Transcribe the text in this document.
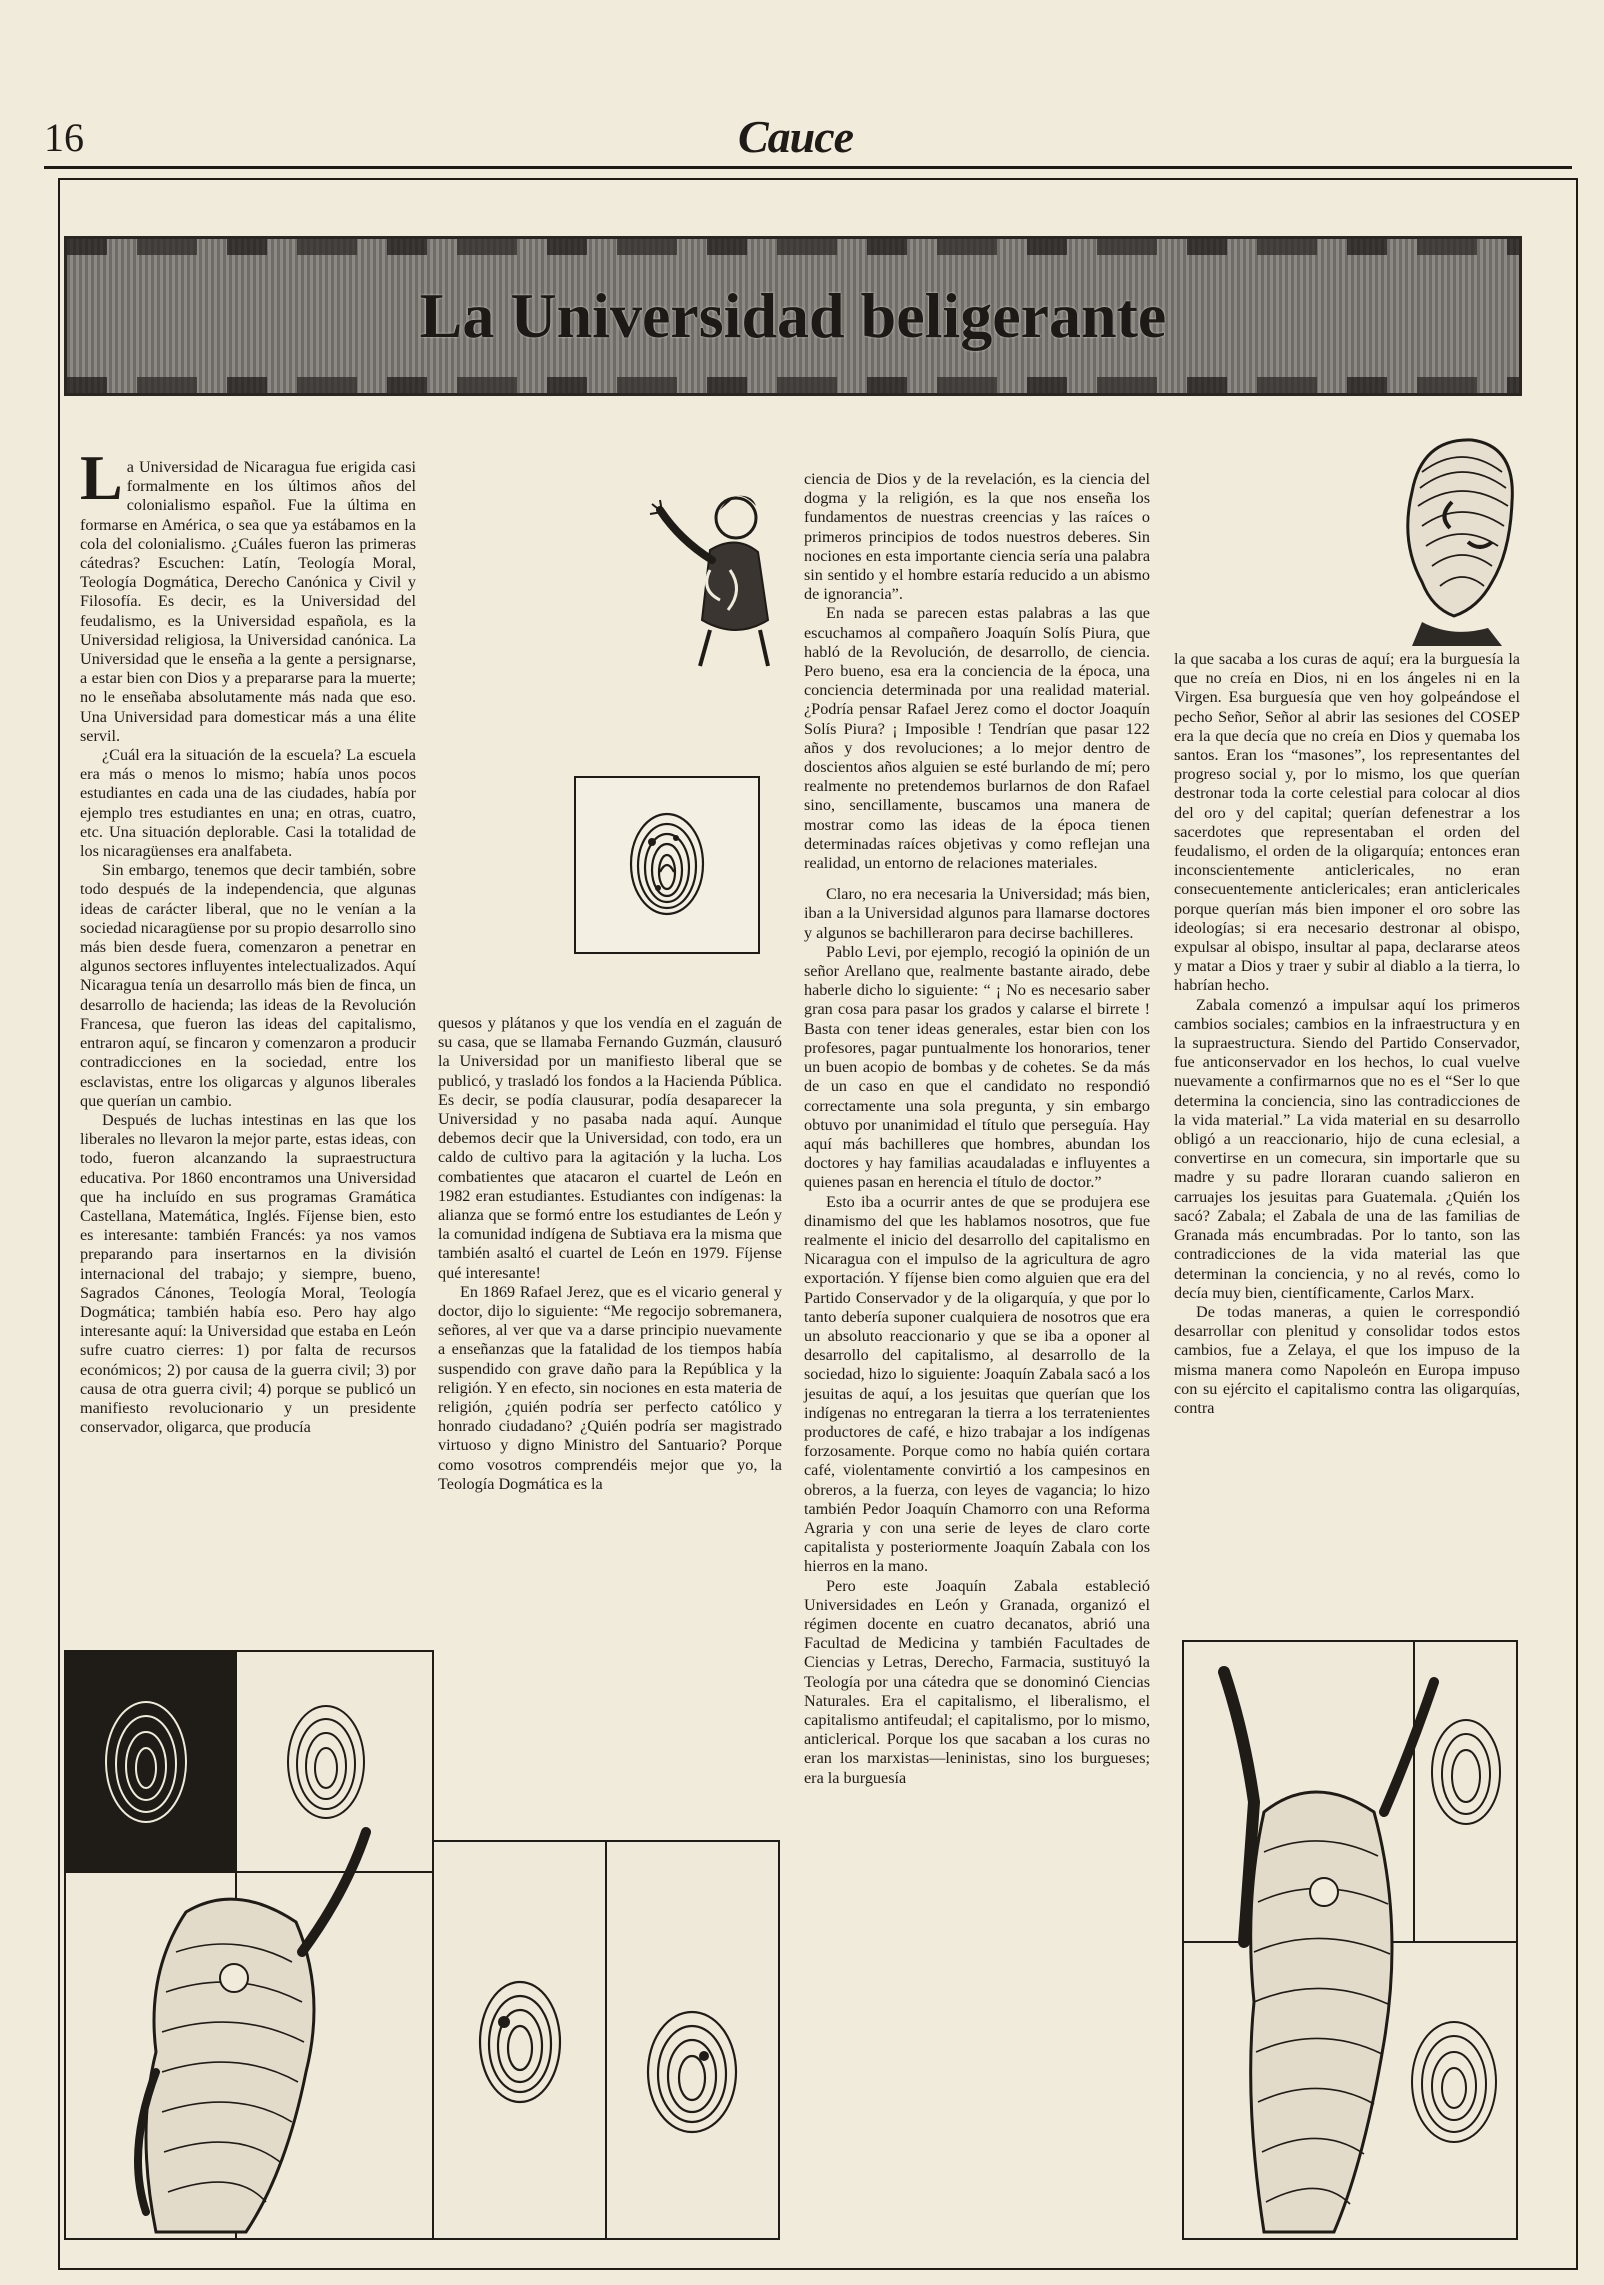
16	Cauce
La Universidad beligerante

La Universidad de Nicaragua fue erigida casi formalmente en los últimos años del colonialismo español. Fue la última en formarse en América, o sea que ya estábamos en la cola del colonialismo. ¿Cuáles fueron las primeras cátedras? Escuchen: Latín, Teología Moral, Teología Dogmática, Derecho Canónica y Civil y Filosofía. Es decir, es la Universidad del feudalismo, es la Universidad española, es la Universidad religiosa, la Universidad canónica. La Universidad que le enseña a la gente a persignarse, a estar bien con Dios y a prepararse para la muerte; no le enseñaba absolutamente más nada que eso. Una Universidad para domesticar más a una élite servil.

¿Cuál era la situación de la escuela? La escuela era más o menos lo mismo; había unos pocos estudiantes en cada una de las ciudades, había por ejemplo tres estudiantes en una; en otras, cuatro, etc. Una situación deplorable. Casi la totalidad de los nicaragüenses era analfabeta.

Sin embargo, tenemos que decir también, sobre todo después de la independencia, que algunas ideas de carácter liberal, que no le venían a la sociedad nicaragüense por su propio desarrollo sino más bien desde fuera, comenzaron a penetrar en algunos sectores influyentes intelectualizados. Aquí Nicaragua tenía un desarrollo más bien de finca, un desarrollo de hacienda; las ideas de la Revolución Francesa, que fueron las ideas del capitalismo, entraron aquí, se fincaron y comenzaron a producir contradicciones en la sociedad, entre los esclavistas, entre los oligarcas y algunos liberales que querían un cambio.

Después de luchas intestinas en las que los liberales no llevaron la mejor parte, estas ideas, con todo, fueron alcanzando la supraestructura educativa. Por 1860 encontramos una Universidad que ha incluído en sus programas Gramática Castellana, Matemática, Inglés. Fíjense bien, esto es interesante: también Francés: ya nos vamos preparando para insertarnos en la división internacional del trabajo; y siempre, bueno, Sagrados Cánones, Teología Moral, Teología Dogmática; también había eso. Pero hay algo interesante aquí: la Universidad que estaba en León sufre cuatro cierres: 1) por falta de recursos económicos; 2) por causa de la guerra civil; 3) por causa de otra guerra civil; 4) porque se publicó un manifiesto revolucionario y un presidente conservador, oligarca, que producía

quesos y plátanos y que los vendía en el zaguán de su casa, que se llamaba Fernando Guzmán, clausuró la Universidad por un manifiesto liberal que se publicó, y trasladó los fondos a la Hacienda Pública. Es decir, se podía clausurar, podía desaparecer la Universidad y no pasaba nada aquí. Aunque debemos decir que la Universidad, con todo, era un caldo de cultivo para la agitación y la lucha. Los combatientes que atacaron el cuartel de León en 1982 eran estudiantes. Estudiantes con indígenas: la alianza que se formó entre los estudiantes de León y la comunidad indígena de Subtiava era la misma que también asaltó el cuartel de León en 1979. Fíjense qué interesante!

En 1869 Rafael Jerez, que es el vicario general y doctor, dijo lo siguiente: “Me regocijo sobremanera, señores, al ver que va a darse principio nuevamente a enseñanzas que la fatalidad de los tiempos había suspendido con grave daño para la República y la religión. Y en efecto, sin nociones en esta materia de religión, ¿quién podría ser perfecto católico y honrado ciudadano? ¿Quién podría ser magistrado virtuoso y digno Ministro del Santuario? Porque como vosotros comprendéis mejor que yo, la Teología Dogmática es la

ciencia de Dios y de la revelación, es la ciencia del dogma y la religión, es la que nos enseña los fundamentos de nuestras creencias y las raíces o primeros principios de todos nuestros deberes. Sin nociones en esta importante ciencia sería una palabra sin sentido y el hombre estaría reducido a un abismo de ignorancia”.

En nada se parecen estas palabras a las que escuchamos al compañero Joaquín Solís Piura, que habló de la Revolución, de desarrollo, de ciencia. Pero bueno, esa era la conciencia de la época, una conciencia determinada por una realidad material. ¿Podría pensar Rafael Jerez como el doctor Joaquín Solís Piura? ¡ Imposible ! Tendrían que pasar 122 años y dos revoluciones; a lo mejor dentro de doscientos años alguien se esté burlando de mí; pero realmente no pretendemos burlarnos de don Rafael sino, sencillamente, buscamos una manera de mostrar como las ideas de la época tienen determinadas raíces objetivas y como reflejan una realidad, un entorno de relaciones materiales.

Claro, no era necesaria la Universidad; más bien, iban a la Universidad algunos para llamarse doctores y algunos se bachilleraron para decirse bachilleres.

Pablo Levi, por ejemplo, recogió la opinión de un señor Arellano que, realmente bastante airado, debe haberle dicho lo siguiente: “ ¡ No es necesario saber gran cosa para pasar los grados y calarse el birrete ! Basta con tener ideas generales, estar bien con los profesores, pagar puntualmente los honorarios, tener un buen acopio de bombas y de cohetes. Se da más de un caso en que el candidato no respondió correctamente una sola pregunta, y sin embargo obtuvo por unanimidad el título que perseguía. Hay aquí más bachilleres que hombres, abundan los doctores y hay familias acaudaladas e influyentes a quienes pasan en herencia el título de doctor.”

Esto iba a ocurrir antes de que se produjera ese dinamismo del que les hablamos nosotros, que fue realmente el inicio del desarrollo del capitalismo en Nicaragua con el impulso de la agricultura de agro exportación. Y fíjense bien como alguien que era del Partido Conservador y de la oligarquía, y que por lo tanto debería suponer cualquiera de nosotros que era un absoluto reaccionario y que se iba a oponer al desarrollo del capitalismo, al desarrollo de la sociedad, hizo lo siguiente: Joaquín Zabala sacó a los jesuitas de aquí, a los jesuitas que querían que los indígenas no entregaran la tierra a los terratenientes productores de café, e hizo trabajar a los indígenas forzosamente. Porque como no había quién cortara café, violentamente convirtió a los campesinos en obreros, a la fuerza, con leyes de vagancia; lo hizo también Pedor Joaquín Chamorro con una Reforma Agraria y con una serie de leyes de claro corte capitalista y posteriormente Joaquín Zabala con los hierros en la mano.

Pero este Joaquín Zabala estableció Universidades en León y Granada, organizó el régimen docente en cuatro decanatos, abrió una Facultad de Medicina y también Facultades de Ciencias y Letras, Derecho, Farmacia, sustituyó la Teología por una cátedra que se donominó Ciencias Naturales. Era el capitalismo, el liberalismo, el capitalismo antifeudal; el capitalismo, por lo mismo, anticlerical. Porque los que sacaban a los curas no eran los marxistas—leninistas, sino los burgueses; era la burguesía

la que sacaba a los curas de aquí; era la burguesía la que no creía en Dios, ni en los ángeles ni en la Virgen. Esa burguesía que ven hoy golpeándose el pecho Señor, Señor al abrir las sesiones del COSEP era la que decía que no creía en Dios y quemaba los santos. Eran los “masones”, los representantes del progreso social y, por lo mismo, los que querían destronar toda la corte celestial para colocar al dios del oro y del capital; querían defenestrar a los sacerdotes que representaban el orden del feudalismo, el orden de la oligarquía; entonces eran inconscientemente anticlericales, no eran consecuentemente anticlericales; eran anticlericales porque querían más bien imponer el oro sobre las ideologías; si era necesario destronar al obispo, expulsar al obispo, insultar al papa, declararse ateos y matar a Dios y traer y subir al diablo a la tierra, lo habrían hecho.

Zabala comenzó a impulsar aquí los primeros cambios sociales; cambios en la infraestructura y en la supraestructura. Siendo del Partido Conservador, fue anticonservador en los hechos, lo cual vuelve nuevamente a confirmarnos que no es el “Ser lo que determina la conciencia, sino las contradicciones de la vida material.” La vida material en su desarrollo obligó a un reaccionario, hijo de cuna eclesial, a convertirse en un comecura, sin importarle que su madre y su padre lloraran cuando salieron en carruajes los jesuitas para Guatemala. ¿Quién los sacó? Zabala; el Zabala de una de las familias de Granada más encumbradas. Por lo tanto, son las contradicciones de la vida material las que determinan la conciencia, y no al revés, como lo decía muy bien, científicamente, Carlos Marx.

De todas maneras, a quien le correspondió desarrollar con plenitud y consolidar todos estos cambios, fue a Zelaya, el que los impuso de la misma manera como Napoleón en Europa impuso con su ejército el capitalismo contra las oligarquías, contra
